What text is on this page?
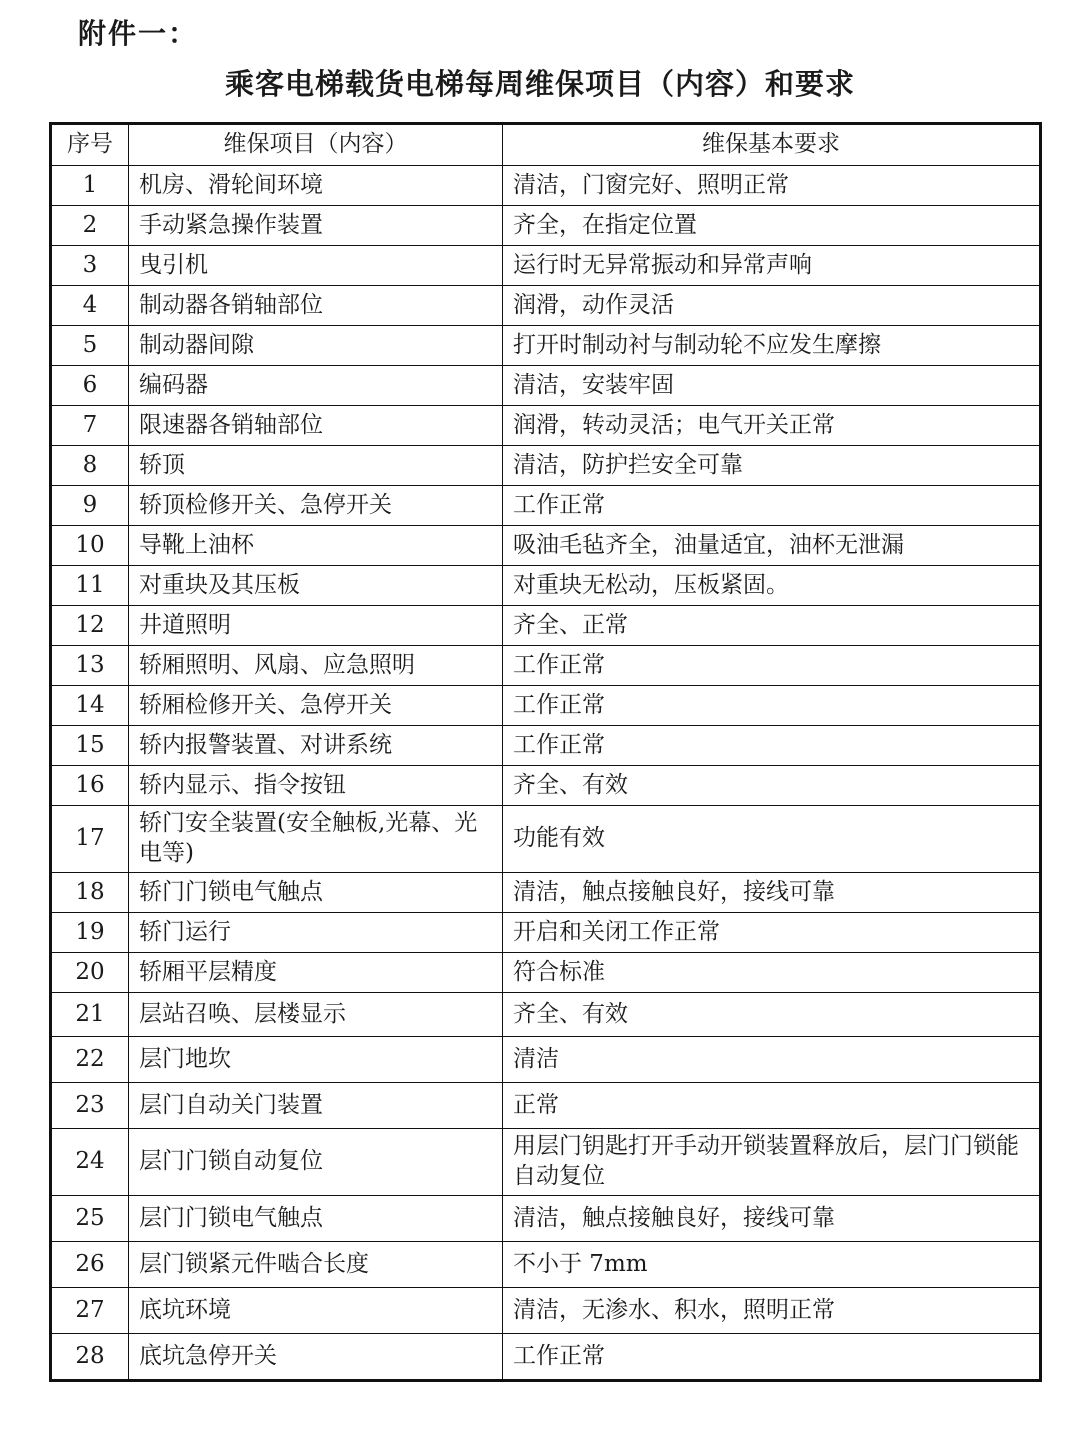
附件一：
乘客电梯载货电梯每周维保项目（内容）和要求
序号	维保项目（内容）	维保基本要求
1	机房、滑轮间环境	清洁，门窗完好、照明正常
2	手动紧急操作装置	齐全，在指定位置
3	曳引机	运行时无异常振动和异常声响
4	制动器各销轴部位	润滑，动作灵活
5	制动器间隙	打开时制动衬与制动轮不应发生摩擦
6	编码器	清洁，安装牢固
7	限速器各销轴部位	润滑，转动灵活；电气开关正常
8	轿顶	清洁，防护拦安全可靠
9	轿顶检修开关、急停开关	工作正常
10	导靴上油杯	吸油毛毡齐全，油量适宜，油杯无泄漏
11	对重块及其压板	对重块无松动，压板紧固。
12	井道照明	齐全、正常
13	轿厢照明、风扇、应急照明	工作正常
14	轿厢检修开关、急停开关	工作正常
15	轿内报警装置、对讲系统	工作正常
16	轿内显示、指令按钮	齐全、有效
17	轿门安全装置(安全触板,光幕、光电等)	功能有效
18	轿门门锁电气触点	清洁，触点接触良好，接线可靠
19	轿门运行	开启和关闭工作正常
20	轿厢平层精度	符合标准
21	层站召唤、层楼显示	齐全、有效
22	层门地坎	清洁
23	层门自动关门装置	正常
24	层门门锁自动复位	用层门钥匙打开手动开锁装置释放后，层门门锁能自动复位
25	层门门锁电气触点	清洁，触点接触良好，接线可靠
26	层门锁紧元件啮合长度	不小于 7mm
27	底坑环境	清洁，无渗水、积水，照明正常
28	底坑急停开关	工作正常
